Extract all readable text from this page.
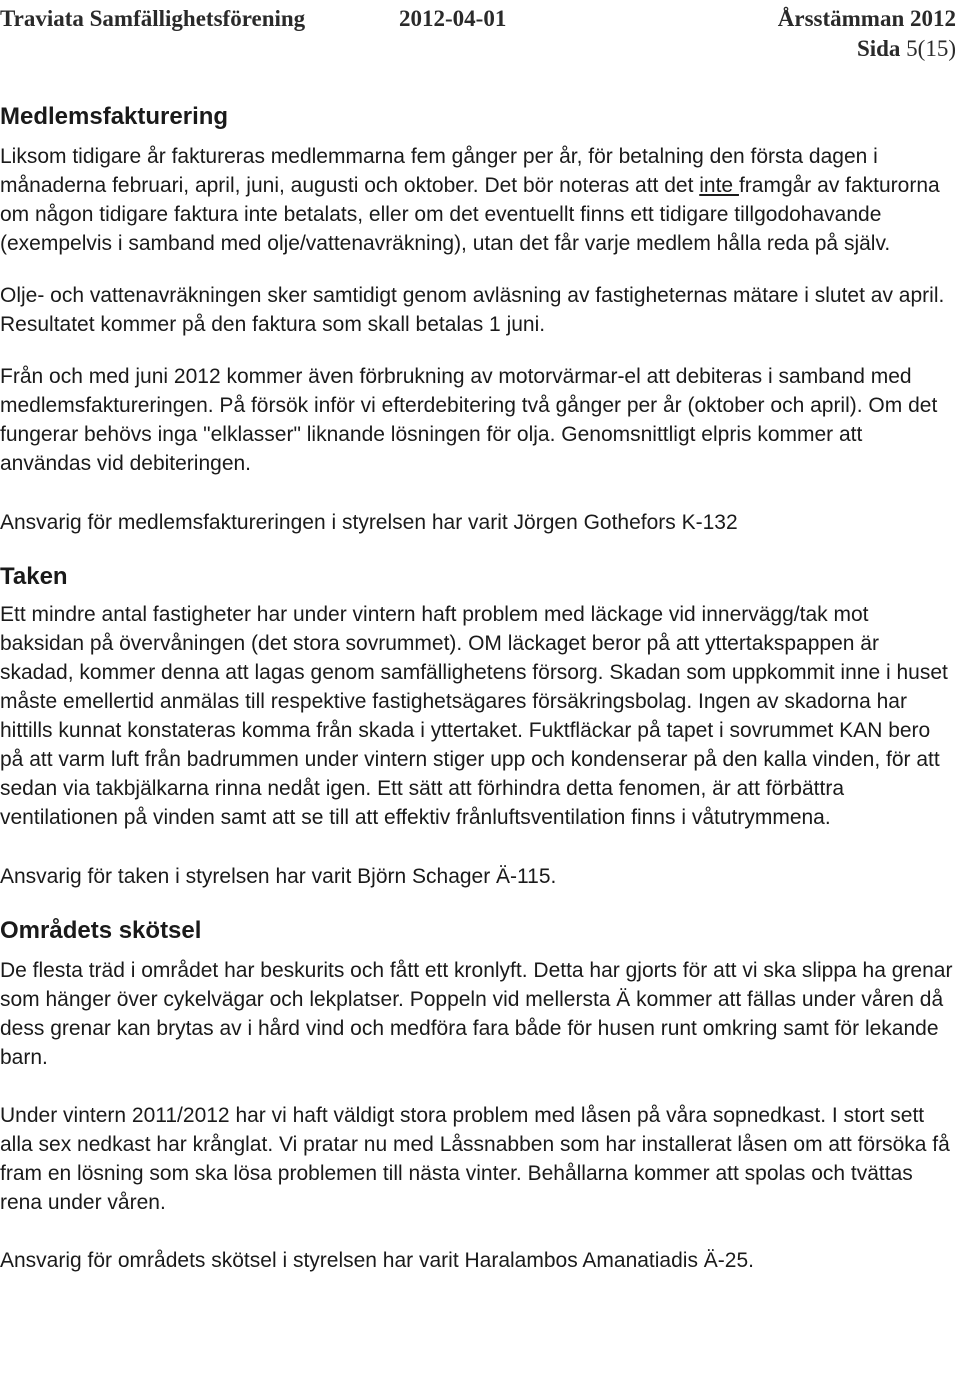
Traviata Samfällighetsförening	2012-04-01	Årsstämman 2012
Sida 5(15)
Medlemsfakturering

Liksom tidigare år faktureras medlemmarna fem gånger per år, för betalning den första dagen i månaderna februari, april, juni, augusti och oktober. Det bör noteras att det inte framgår av fakturorna om någon tidigare faktura inte betalats, eller om det eventuellt finns ett tidigare tillgodohavande (exempelvis i samband med olje/vattenavräkning), utan det får varje medlem hålla reda på själv.

Olje- och vattenavräkningen sker samtidigt genom avläsning av fastigheternas mätare i slutet av april. Resultatet kommer på den faktura som skall betalas 1 juni.

Från och med juni 2012 kommer även förbrukning av motorvärmar-el att debiteras i samband med medlemsfaktureringen. På försök inför vi efterdebitering två gånger per år (oktober och april). Om det fungerar behövs inga "elklasser" liknande lösningen för olja. Genomsnittligt elpris kommer att användas vid debiteringen.

Ansvarig för medlemsfaktureringen i styrelsen har varit Jörgen Gothefors K-132

Taken

Ett mindre antal fastigheter har under vintern haft problem med läckage vid innervägg/tak mot baksidan på övervåningen (det stora sovrummet). OM läckaget beror på att yttertakspappen är skadad, kommer denna att lagas genom samfällighetens försorg. Skadan som uppkommit inne i huset måste emellertid anmälas till respektive fastighetsägares försäkringsbolag. Ingen av skadorna har hittills kunnat konstateras komma från skada i yttertaket. Fuktfläckar på tapet i sovrummet KAN bero på att varm luft från badrummen under vintern stiger upp och kondenserar på den kalla vinden, för att sedan via takbjälkarna rinna nedåt igen. Ett sätt att förhindra detta fenomen, är att förbättra ventilationen på vinden samt att se till att effektiv frånluftsventilation finns i våtutrymmena.

Ansvarig för taken i styrelsen har varit Björn Schager Ä-115.

Områdets skötsel

De flesta träd i området har beskurits och fått ett kronlyft. Detta har gjorts för att vi ska slippa ha grenar som hänger över cykelvägar och lekplatser. Poppeln vid mellersta Ä kommer att fällas under våren då dess grenar kan brytas av i hård vind och medföra fara både för husen runt omkring samt för lekande barn.

Under vintern 2011/2012 har vi haft väldigt stora problem med låsen på våra sopnedkast. I stort sett alla sex nedkast har krånglat. Vi pratar nu med Låssnabben som har installerat låsen om att försöka få fram en lösning som ska lösa problemen till nästa vinter. Behållarna kommer att spolas och tvättas rena under våren.

Ansvarig för områdets skötsel i styrelsen har varit Haralambos Amanatiadis Ä-25.
